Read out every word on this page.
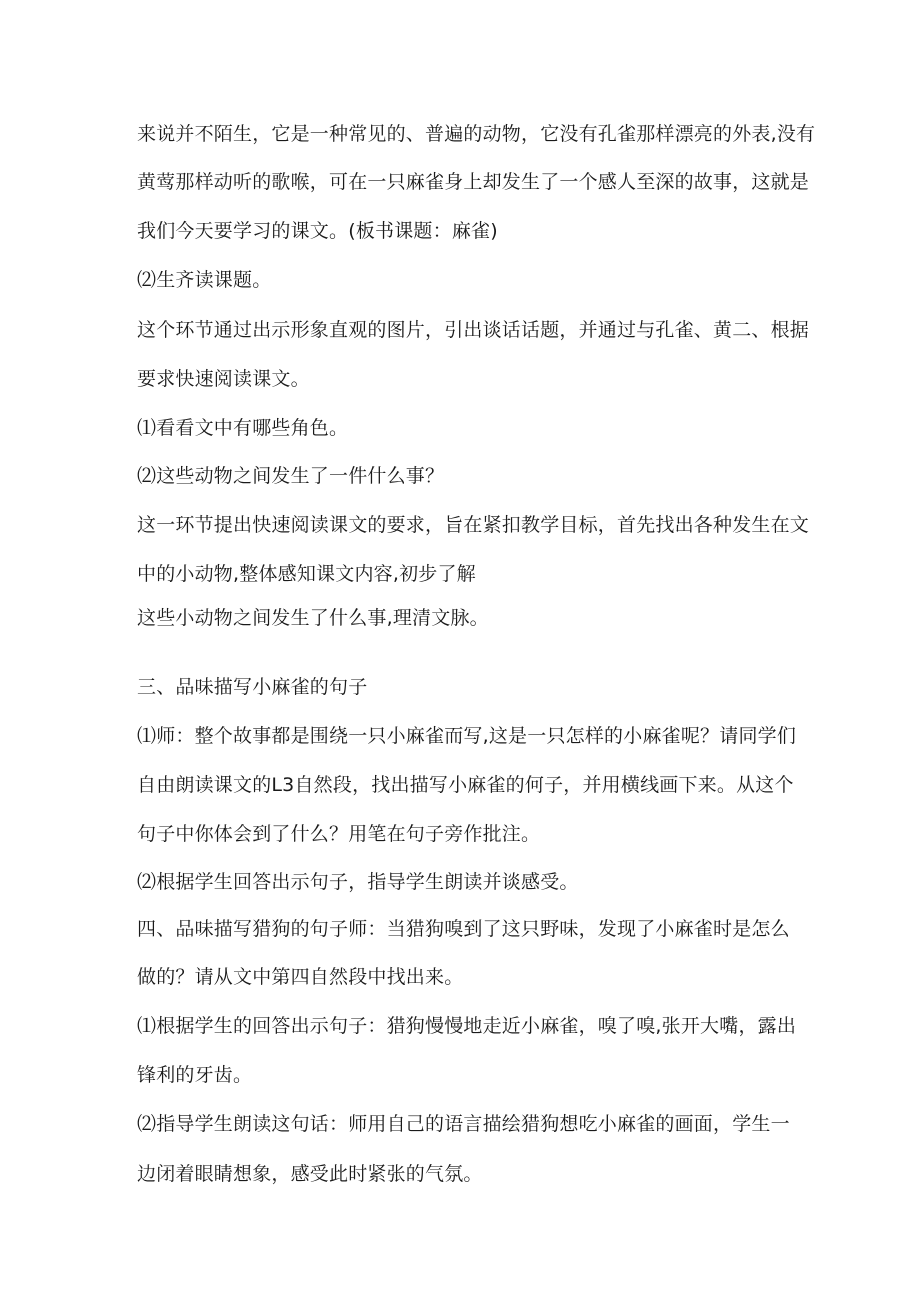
来说并不陌生，它是一种常见的、普遍的动物，它没有孔雀那样漂亮的外表,没有
黄莺那样动听的歌喉，可在一只麻雀身上却发生了一个感人至深的故事，这就是
我们今天要学习的课文。(板书课题：麻雀)
⑵生齐读课题。
这个环节通过出示形象直观的图片，引出谈话话题，并通过与孔雀、黄二、根据
要求快速阅读课文。
⑴看看文中有哪些角色。
⑵这些动物之间发生了一件什么事？
这一环节提出快速阅读课文的要求，旨在紧扣教学目标，首先找出各种发生在文
中的小动物,整体感知课文内容,初步了解
这些小动物之间发生了什么事,理清文脉。
三、品味描写小麻雀的句子
⑴师：整个故事都是围绕一只小麻雀而写,这是一只怎样的小麻雀呢？请同学们
自由朗读课文的L3自然段，找出描写小麻雀的何子，并用横线画下来。从这个
句子中你体会到了什么？用笔在句子旁作批注。
⑵根据学生回答出示句子，指导学生朗读并谈感受。
四、品味描写猎狗的句子师：当猎狗嗅到了这只野味，发现了小麻雀时是怎么
做的？请从文中第四自然段中找出来。
⑴根据学生的回答出示句子：猎狗慢慢地走近小麻雀，嗅了嗅,张开大嘴，露出
锋利的牙齿。
⑵指导学生朗读这句话：师用自己的语言描绘猎狗想吃小麻雀的画面，学生一
边闭着眼睛想象，感受此时紧张的气氛。
